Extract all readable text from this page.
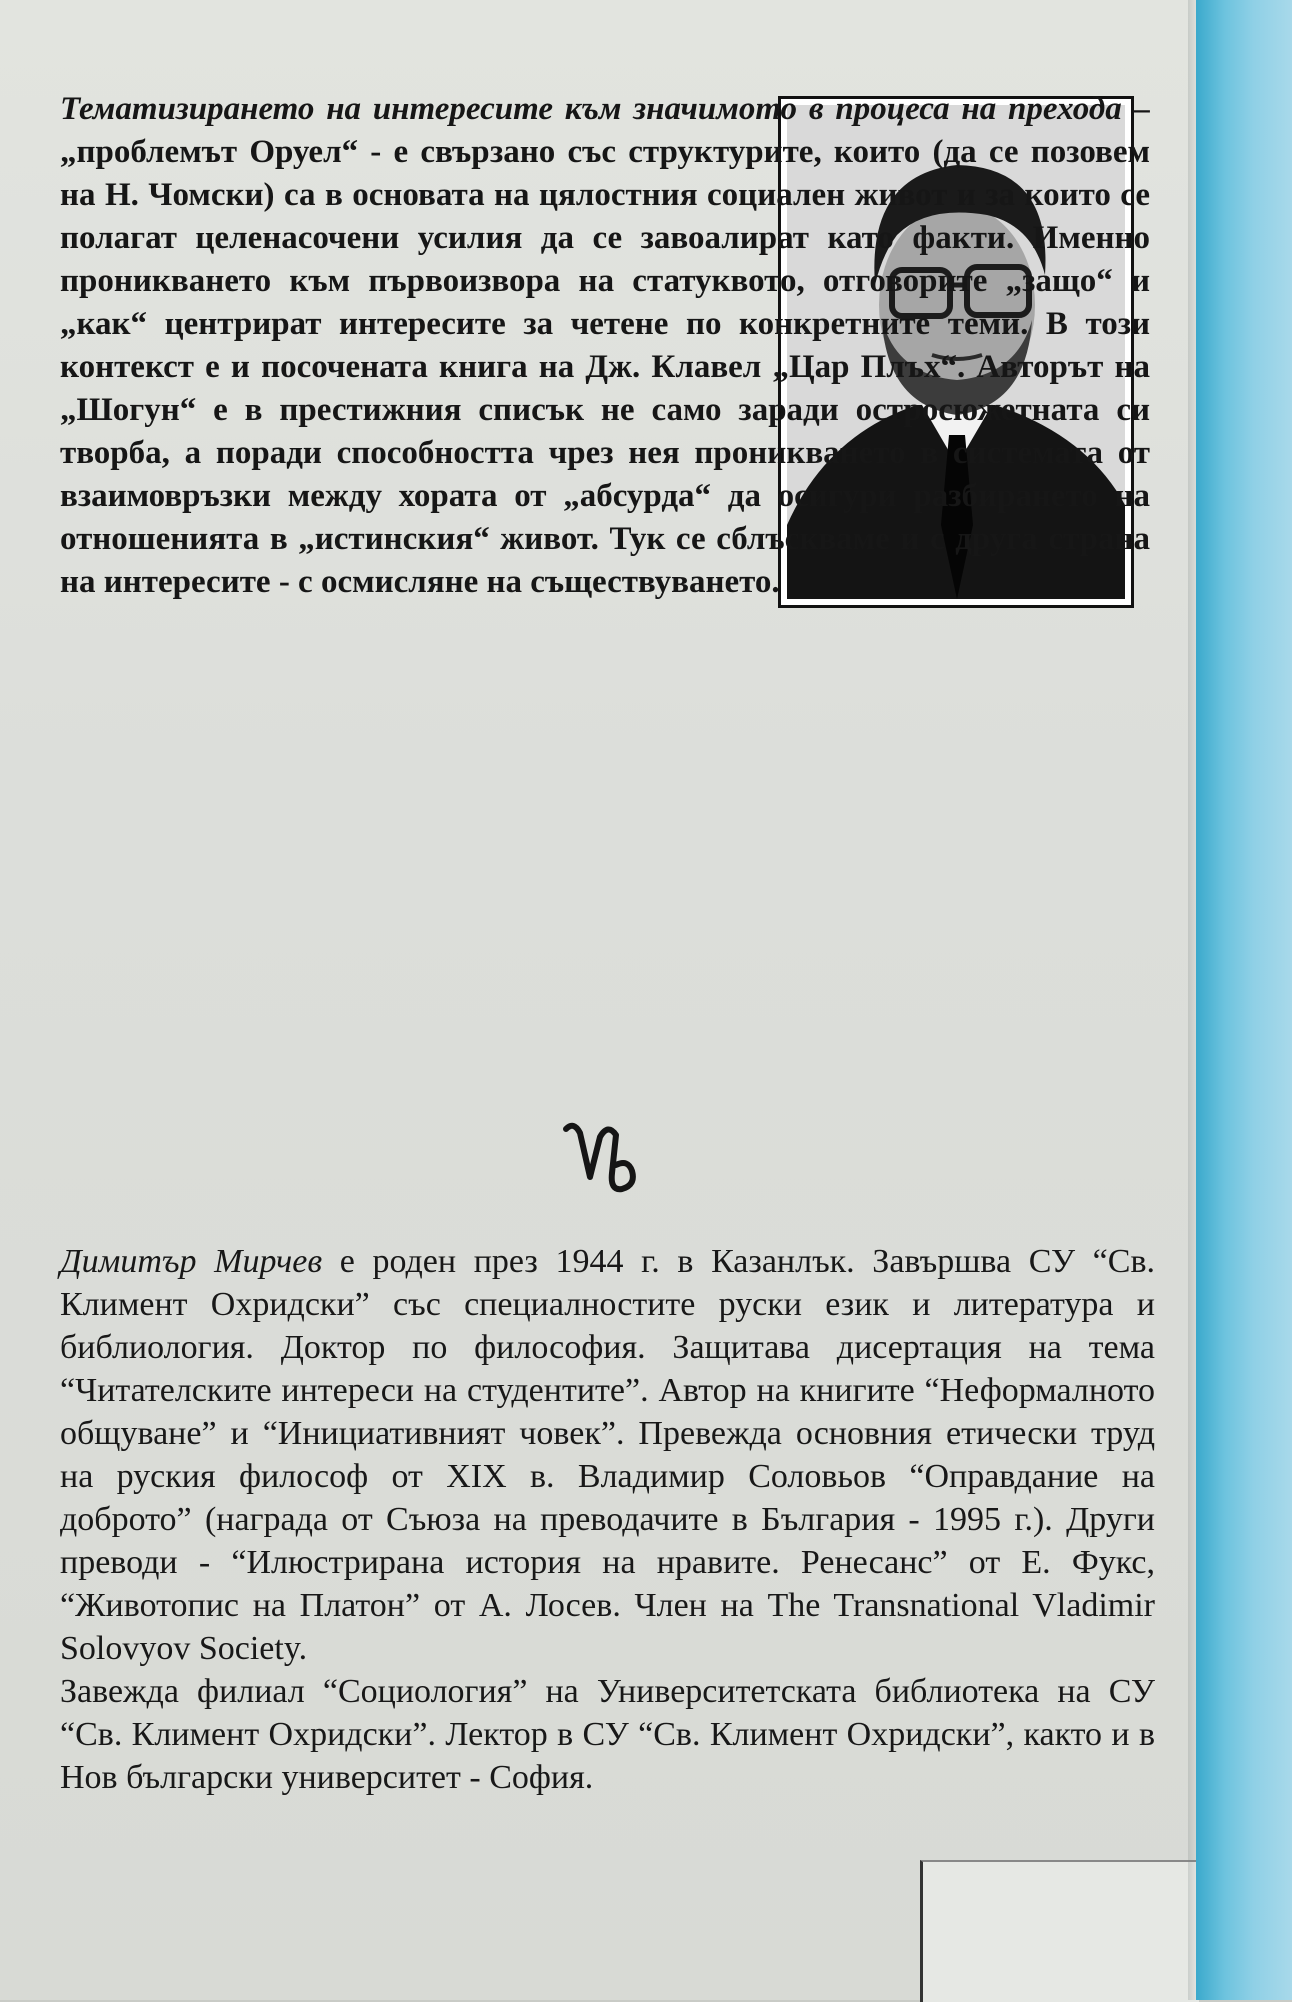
Тематизирането на интересите към значимото в процеса на прехода – „проблемът Оруел“ - е свързано със структурите, които (да се позовем на Н. Чомски) са в основата на цялостния социален живот и за които се полагат целенасочени усилия да се завоалират като факти. Именно проникването към първоизвора на статуквото, отговорите „защо“ и „как“ центрират интересите за четене по конкретните теми. В този контекст е и посочената книга на Дж. Клавел „Цар Плъх“. Авторът на „Шогун“ е в престижния списък не само заради остросюжетната си творба, а поради способността чрез нея проникването в системата от взаимовръзки между хората от „абсурда“ да осигури разбирането на отношенията в „истинския“ живот. Тук се сблъскваме и с друга страна на интересите - с осмисляне на съществуването.

Димитър Мирчев е роден през 1944 г. в Казанлък. Завършва СУ “Св. Климент Охридски” със специалностите руски език и литература и библиология. Доктор по философия. Защитава дисертация на тема “Читателските интереси на студентите”. Автор на книгите “Неформалното общуване” и “Инициативният човек”. Превежда основния етически труд на руския философ от XIX в. Владимир Соловьов “Оправдание на доброто” (награда от Съюза на преводачите в България - 1995 г.). Други преводи - “Илюстрирана история на нравите. Ренесанс” от Е. Фукс, “Животопис на Платон” от А. Лосев. Член на The Transnational Vladimir Solovyov Society.

Завежда филиал “Социология” на Университетската библиотека на СУ “Св. Климент Охридски”. Лектор в СУ “Св. Климент Охридски”, както и в Нов български университет - София.
